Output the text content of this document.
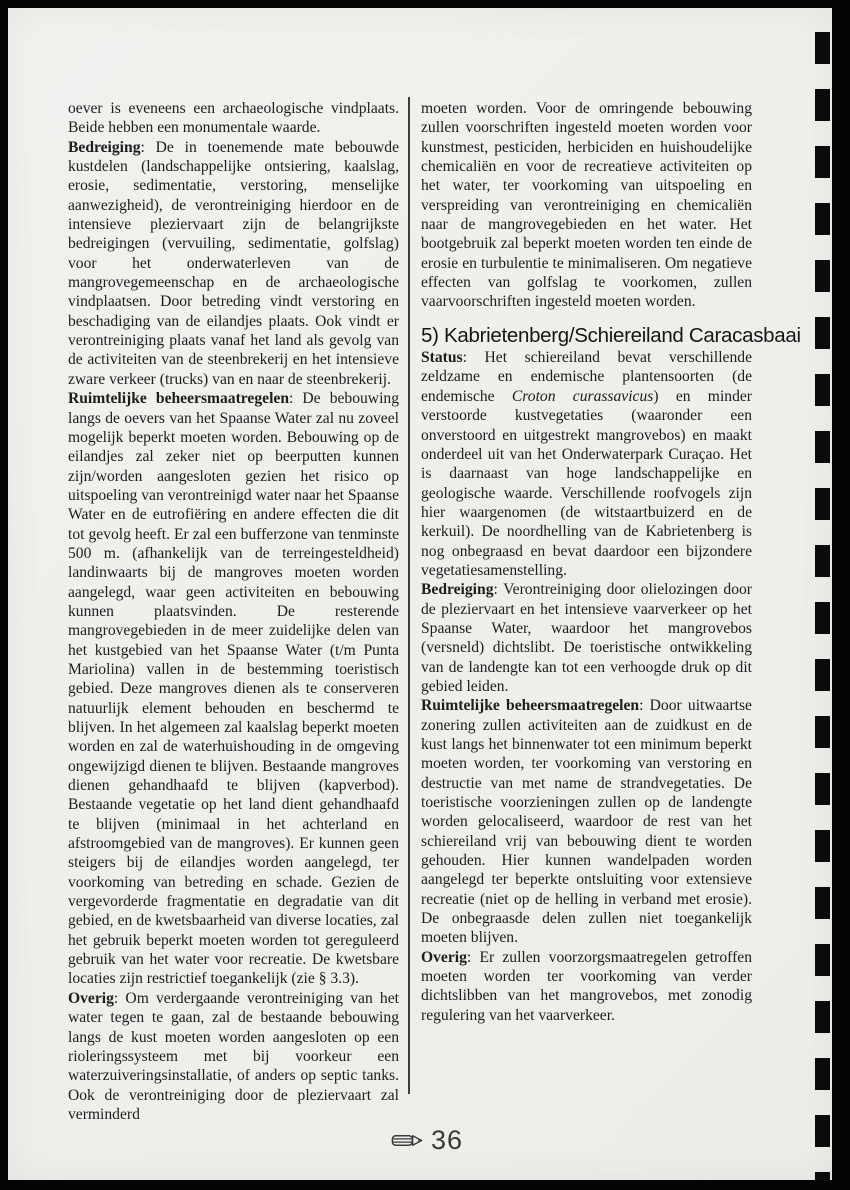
oever is eveneens een archaeologische vindplaats. Beide hebben een monumentale waarde.

Bedreiging: De in toenemende mate bebouwde kustdelen (landschappelijke ontsiering, kaalslag, erosie, sedimentatie, verstoring, menselijke aanwezigheid), de verontreiniging hierdoor en de intensieve pleziervaart zijn de belangrijkste bedreigingen (vervuiling, sedimentatie, golfslag) voor het onderwaterleven van de mangrovegemeenschap en de archaeologische vindplaatsen. Door betreding vindt verstoring en beschadiging van de eilandjes plaats. Ook vindt er verontreiniging plaats vanaf het land als gevolg van de activiteiten van de steenbrekerij en het intensieve zware verkeer (trucks) van en naar de steenbrekerij.

Ruimtelijke beheersmaatregelen: De bebouwing langs de oevers van het Spaanse Water zal nu zoveel mogelijk beperkt moeten worden. Bebouwing op de eilandjes zal zeker niet op beerputten kunnen zijn/worden aangesloten gezien het risico op uitspoeling van verontreinigd water naar het Spaanse Water en de eutrofiëring en andere effecten die dit tot gevolg heeft. Er zal een bufferzone van tenminste 500 m. (afhankelijk van de terreingesteldheid) landinwaarts bij de mangroves moeten worden aangelegd, waar geen activiteiten en bebouwing kunnen plaatsvinden. De resterende mangrovegebieden in de meer zuidelijke delen van het kustgebied van het Spaanse Water (t/m Punta Mariolina) vallen in de bestemming toeristisch gebied. Deze mangroves dienen als te conserveren natuurlijk element behouden en beschermd te blijven. In het algemeen zal kaalslag beperkt moeten worden en zal de waterhuishouding in de omgeving ongewijzigd dienen te blijven. Bestaande mangroves dienen gehandhaafd te blijven (kapverbod). Bestaande vegetatie op het land dient gehandhaafd te blijven (minimaal in het achterland en afstroomgebied van de mangroves). Er kunnen geen steigers bij de eilandjes worden aangelegd, ter voorkoming van betreding en schade. Gezien de vergevorderde fragmentatie en degradatie van dit gebied, en de kwetsbaarheid van diverse locaties, zal het gebruik beperkt moeten worden tot gereguleerd gebruik van het water voor recreatie. De kwetsbare locaties zijn restrictief toegankelijk (zie § 3.3).

Overig: Om verdergaande verontreiniging van het water tegen te gaan, zal de bestaande bebouwing langs de kust moeten worden aangesloten op een rioleringssysteem met bij voorkeur een waterzuiveringsinstallatie, of anders op septic tanks. Ook de verontreiniging door de pleziervaart zal verminderd

moeten worden. Voor de omringende bebouwing zullen voorschriften ingesteld moeten worden voor kunstmest, pesticiden, herbiciden en huishoudelijke chemicaliën en voor de recreatieve activiteiten op het water, ter voorkoming van uitspoeling en verspreiding van verontreiniging en chemicaliën naar de mangrovegebieden en het water. Het bootgebruik zal beperkt moeten worden ten einde de erosie en turbulentie te minimaliseren. Om negatieve effecten van golfslag te voorkomen, zullen vaarvoorschriften ingesteld moeten worden.

5) Kabrietenberg/Schiereiland Caracasbaai

Status: Het schiereiland bevat verschillende zeldzame en endemische plantensoorten (de endemische Croton curassavicus) en minder verstoorde kustvegetaties (waaronder een onverstoord en uitgestrekt mangrovebos) en maakt onderdeel uit van het Onderwaterpark Curaçao. Het is daarnaast van hoge landschappelijke en geologische waarde. Verschillende roofvogels zijn hier waargenomen (de witstaartbuizerd en de kerkuil). De noordhelling van de Kabrietenberg is nog onbegraasd en bevat daardoor een bijzondere vegetatiesamenstelling.

Bedreiging: Verontreiniging door olielozingen door de pleziervaart en het intensieve vaarverkeer op het Spaanse Water, waardoor het mangrovebos (versneld) dichtslibt. De toeristische ontwikkeling van de landengte kan tot een verhoogde druk op dit gebied leiden.

Ruimtelijke beheersmaatregelen: Door uitwaartse zonering zullen activiteiten aan de zuidkust en de kust langs het binnenwater tot een minimum beperkt moeten worden, ter voorkoming van verstoring en destructie van met name de strandvegetaties. De toeristische voorzieningen zullen op de landengte worden gelocaliseerd, waardoor de rest van het schiereiland vrij van bebouwing dient te worden gehouden. Hier kunnen wandelpaden worden aangelegd ter beperkte ontsluiting voor extensieve recreatie (niet op de helling in verband met erosie). De onbegraasde delen zullen niet toegankelijk moeten blijven.

Overig: Er zullen voorzorgsmaatregelen getroffen moeten worden ter voorkoming van verder dichtslibben van het mangrovebos, met zonodig regulering van het vaarverkeer.

36
